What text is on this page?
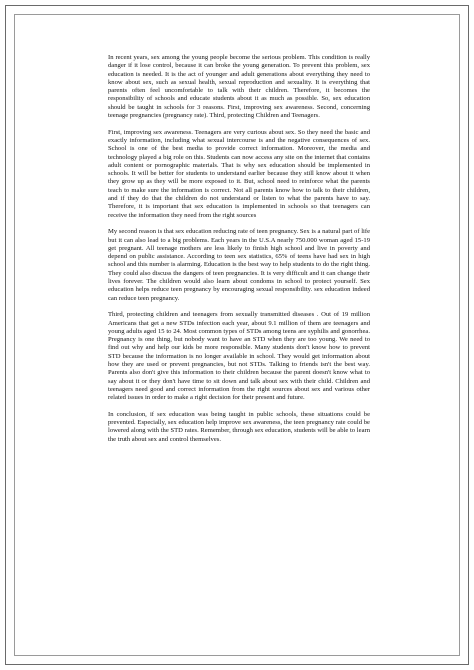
In recent years, sex among the young people become the serious problem. This condition is really danger if it lose control, because it can broke the young generation. To prevent this problem, sex education is needed. It is the act of younger and adult generations about everything they need to know about sex, such as sexual health, sexual reproduction and sexuality. It is everything that parents often feel uncomfortable to talk with their children. Therefore, it becomes the responsibility of schools and educate students about it as much as possible. So, sex education should be taught in schools for 3 reasons. First, improving sex awareness. Second, concerning teenage pregnancies (pregnancy rate). Third, protecting Children and Teenagers.

First, improving sex awareness. Teenagers are very curious about sex. So they need the basic and exactly information, including what sexual intercourse is and the negative consequences of sex. School is one of the best media to provide correct information. Moreover, the media and technology played a big role on this. Students can now access any site on the internet that contains adult content or pornographic materials. That is why sex education should be implemented in schools. It will be better for students to understand earlier because they still know about it when they grow up as they will be more exposed to it. But, school need to reinforce what the parents teach to make sure the information is correct. Not all parents know how to talk to their children, and if they do that the children do not understand or listen to what the parents have to say. Therefore, it is important that sex education is implemented in schools so that teenagers can receive the information they need from the right sources

My second reason is that sex education reducing rate of teen pregnancy. Sex is a natural part of life but it can also lead to a big problems. Each years in the U.S.A nearly 750.000 woman aged 15-19 get pregnant. All teenage mothers are less likely to finish high school and live in poverty and depend on public assistance. According to teen sex statistics, 65% of teens have had sex in high school and this number is alarming. Education is the best way to help students to do the right thing. They could also discuss the dangers of teen pregnancies. It is very difficult and it can change their lives forever. The children would also learn about condoms in school to protect yourself. Sex education helps reduce teen pregnancy by encouraging sexual responsibility. sex education indeed can reduce teen pregnancy.

Third, protecting children and teenagers from sexually transmitted diseases . Out of 19 million Americans that get a new STDs infection each year, about 9.1 million of them are teenagers and young adults aged 15 to 24. Most common types of STDs among teens are syphilis and gonorrhea. Pregnancy is one thing, but nobody want to have an STD when they are too young. We need to find out why and help our kids be more responsible. Many students don't know how to prevent STD because the information is no longer available in school. They would get information about how they are used or prevent pregnancies, but not STDs. Talking to friends isn't the best way. Parents also don't give this information to their children because the parent doesn't know what to say about it or they don't have time to sit down and talk about sex with their child. Children and teenagers need good and correct information from the right sources about sex and various other related issues in order to make a right decision for their present and future.

In conclusion, if sex education was being taught in public schools, these situations could be prevented. Especially, sex education help improve sex awareness, the teen pregnancy rate could be lowered along with the STD rates. Remember, through sex education, students will be able to learn the truth about sex and control themselves.
